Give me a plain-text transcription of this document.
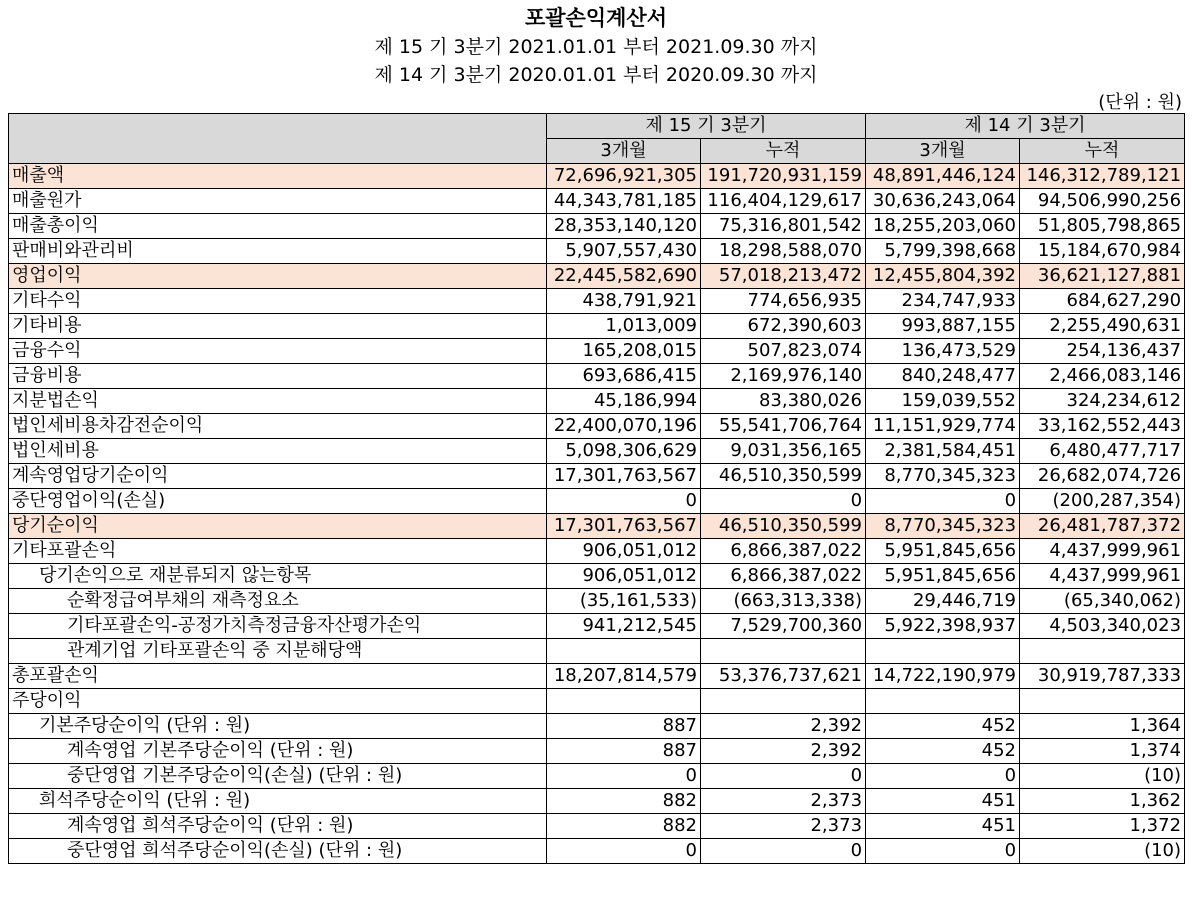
포괄손익계산서
제 15 기 3분기 2021.01.01 부터 2021.09.30 까지
제 14 기 3분기 2020.01.01 부터 2020.09.30 까지
(단위 : 원)
	제 15 기 3분기		제 14 기 3분기	
	3개월	누적	3개월	누적
매출액	72,696,921,305	191,720,931,159	48,891,446,124	146,312,789,121
매출원가	44,343,781,185	116,404,129,617	30,636,243,064	94,506,990,256
매출총이익	28,353,140,120	75,316,801,542	18,255,203,060	51,805,798,865
판매비와관리비	5,907,557,430	18,298,588,070	5,799,398,668	15,184,670,984
영업이익	22,445,582,690	57,018,213,472	12,455,804,392	36,621,127,881
기타수익	438,791,921	774,656,935	234,747,933	684,627,290
기타비용	1,013,009	672,390,603	993,887,155	2,255,490,631
금융수익	165,208,015	507,823,074	136,473,529	254,136,437
금융비용	693,686,415	2,169,976,140	840,248,477	2,466,083,146
지분법손익	45,186,994	83,380,026	159,039,552	324,234,612
법인세비용차감전순이익	22,400,070,196	55,541,706,764	11,151,929,774	33,162,552,443
법인세비용	5,098,306,629	9,031,356,165	2,381,584,451	6,480,477,717
계속영업당기순이익	17,301,763,567	46,510,350,599	8,770,345,323	26,682,074,726
중단영업이익(손실)	0	0	0	(200,287,354)
당기순이익	17,301,763,567	46,510,350,599	8,770,345,323	26,481,787,372
기타포괄손익	906,051,012	6,866,387,022	5,951,845,656	4,437,999,961
당기손익으로 재분류되지 않는항목	906,051,012	6,866,387,022	5,951,845,656	4,437,999,961
순확정급여부채의 재측정요소	(35,161,533)	(663,313,338)	29,446,719	(65,340,062)
기타포괄손익-공정가치측정금융자산평가손익	941,212,545	7,529,700,360	5,922,398,937	4,503,340,023
관계기업 기타포괄손익 중 지분해당액				
총포괄손익	18,207,814,579	53,376,737,621	14,722,190,979	30,919,787,333
주당이익				
기본주당순이익 (단위 : 원)	887	2,392	452	1,364
계속영업 기본주당순이익 (단위 : 원)	887	2,392	452	1,374
중단영업 기본주당순이익(손실) (단위 : 원)	0	0	0	(10)
희석주당순이익 (단위 : 원)	882	2,373	451	1,362
계속영업 희석주당순이익 (단위 : 원)	882	2,373	451	1,372
중단영업 희석주당순이익(손실) (단위 : 원)	0	0	0	(10)
